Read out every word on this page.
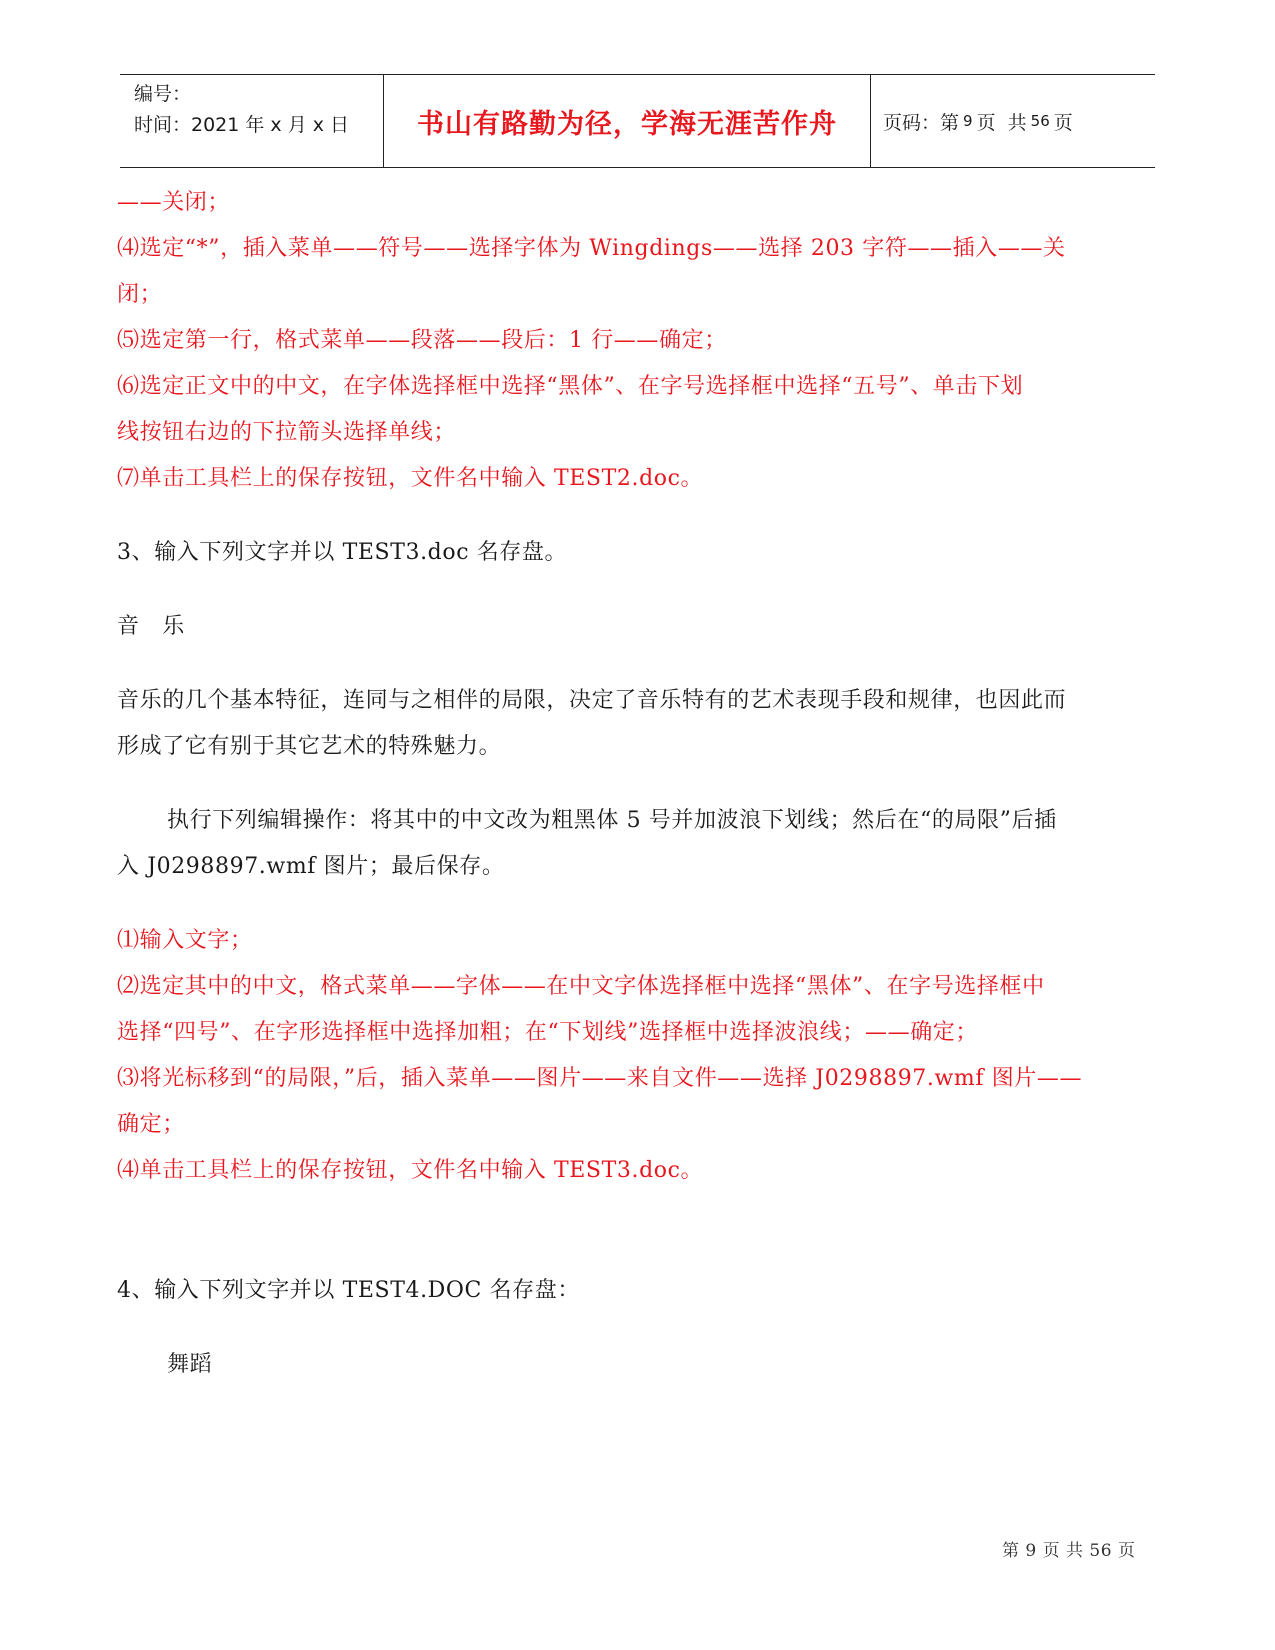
编号：
时间：2021 年 x 月 x 日	书山有路勤为径，学海无涯苦作舟 页码：第 9 页  共 56 页
——关闭；
⑷选定“*”，插入菜单——符号——选择字体为 Wingdings——选择 203 字符——插入——关
闭；
⑸选定第一行，格式菜单——段落——段后：1 行——确定；
⑹选定正文中的中文，在字体选择框中选择“黑体”、在字号选择框中选择“五号”、单击下划
线按钮右边的下拉箭头选择单线；
⑺单击工具栏上的保存按钮，文件名中输入 TEST2.doc。
3、输入下列文字并以 TEST3.doc 名存盘。
音　乐
音乐的几个基本特征，连同与之相伴的局限，决定了音乐特有的艺术表现手段和规律，也因此而
形成了它有别于其它艺术的特殊魅力。
执行下列编辑操作：将其中的中文改为粗黑体 5 号并加波浪下划线；然后在“的局限”后插
入 J0298897.wmf 图片；最后保存。
⑴输入文字；
⑵选定其中的中文，格式菜单——字体——在中文字体选择框中选择“黑体”、在字号选择框中
选择“四号”、在字形选择框中选择加粗；在“下划线”选择框中选择波浪线；——确定；
⑶将光标移到“的局限，”后，插入菜单——图片——来自文件——选择 J0298897.wmf 图片——
确定；
⑷单击工具栏上的保存按钮，文件名中输入 TEST3.doc。
4、输入下列文字并以 TEST4.DOC 名存盘：
舞蹈
第 9 页 共 56 页
